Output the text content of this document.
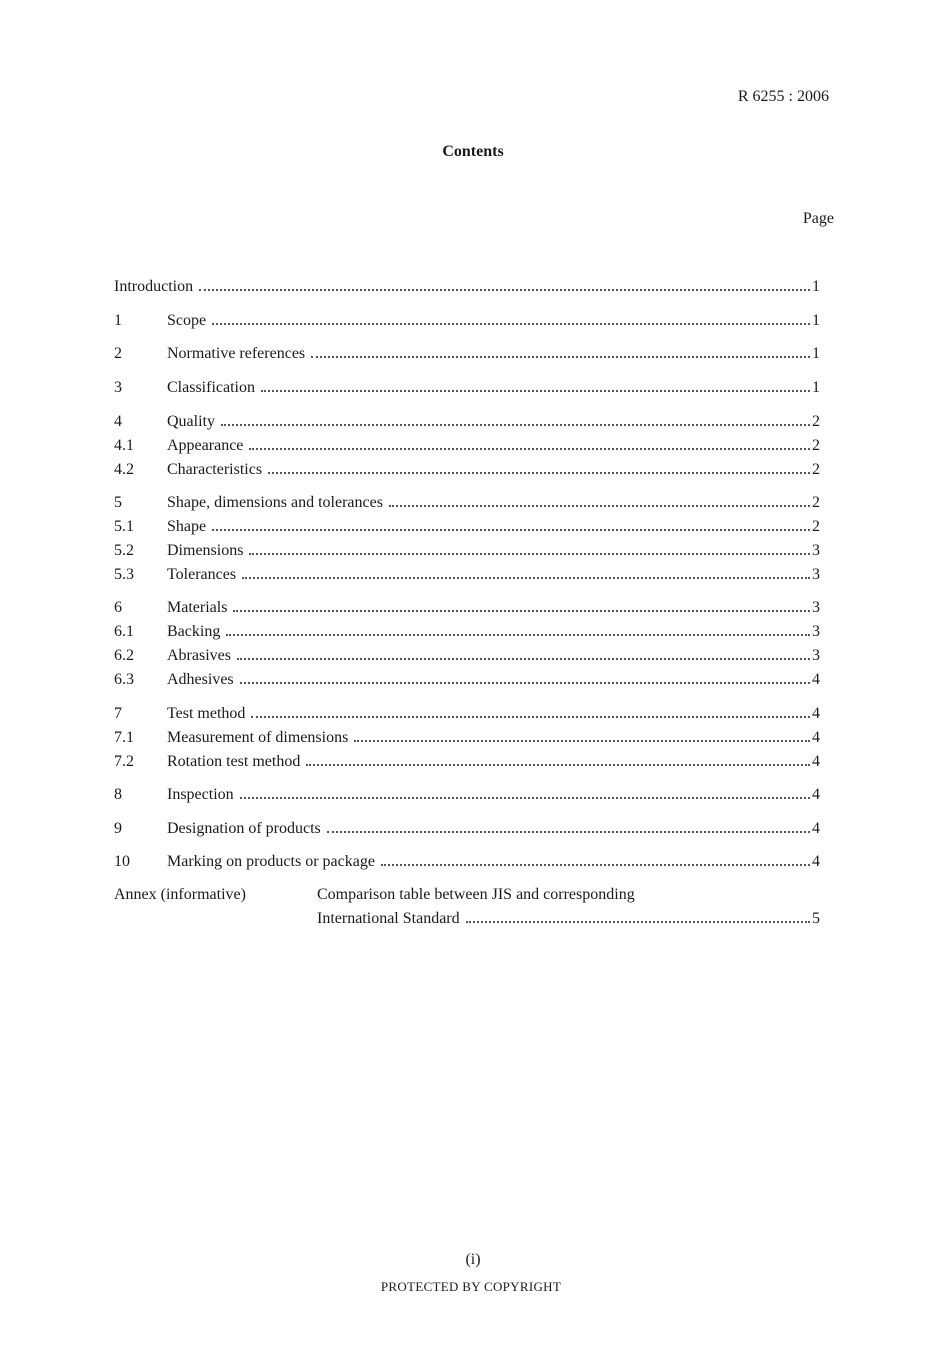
R 6255 : 2006
Contents
Page
Introduction	1
1	Scope	1
2	Normative references	1
3	Classification	1
4	Quality	2
4.1	Appearance	2
4.2	Characteristics	2
5	Shape, dimensions and tolerances	2
5.1	Shape	2
5.2	Dimensions	3
5.3	Tolerances	3
6	Materials	3
6.1	Backing	3
6.2	Abrasives	3
6.3	Adhesives	4
7	Test method	4
7.1	Measurement of dimensions	4
7.2	Rotation test method	4
8	Inspection	4
9	Designation of products	4
10	Marking on products or package	4
Annex (informative)	Comparison table between JIS and corresponding
International Standard	5
(i)
PROTECTED BY COPYRIGHT
